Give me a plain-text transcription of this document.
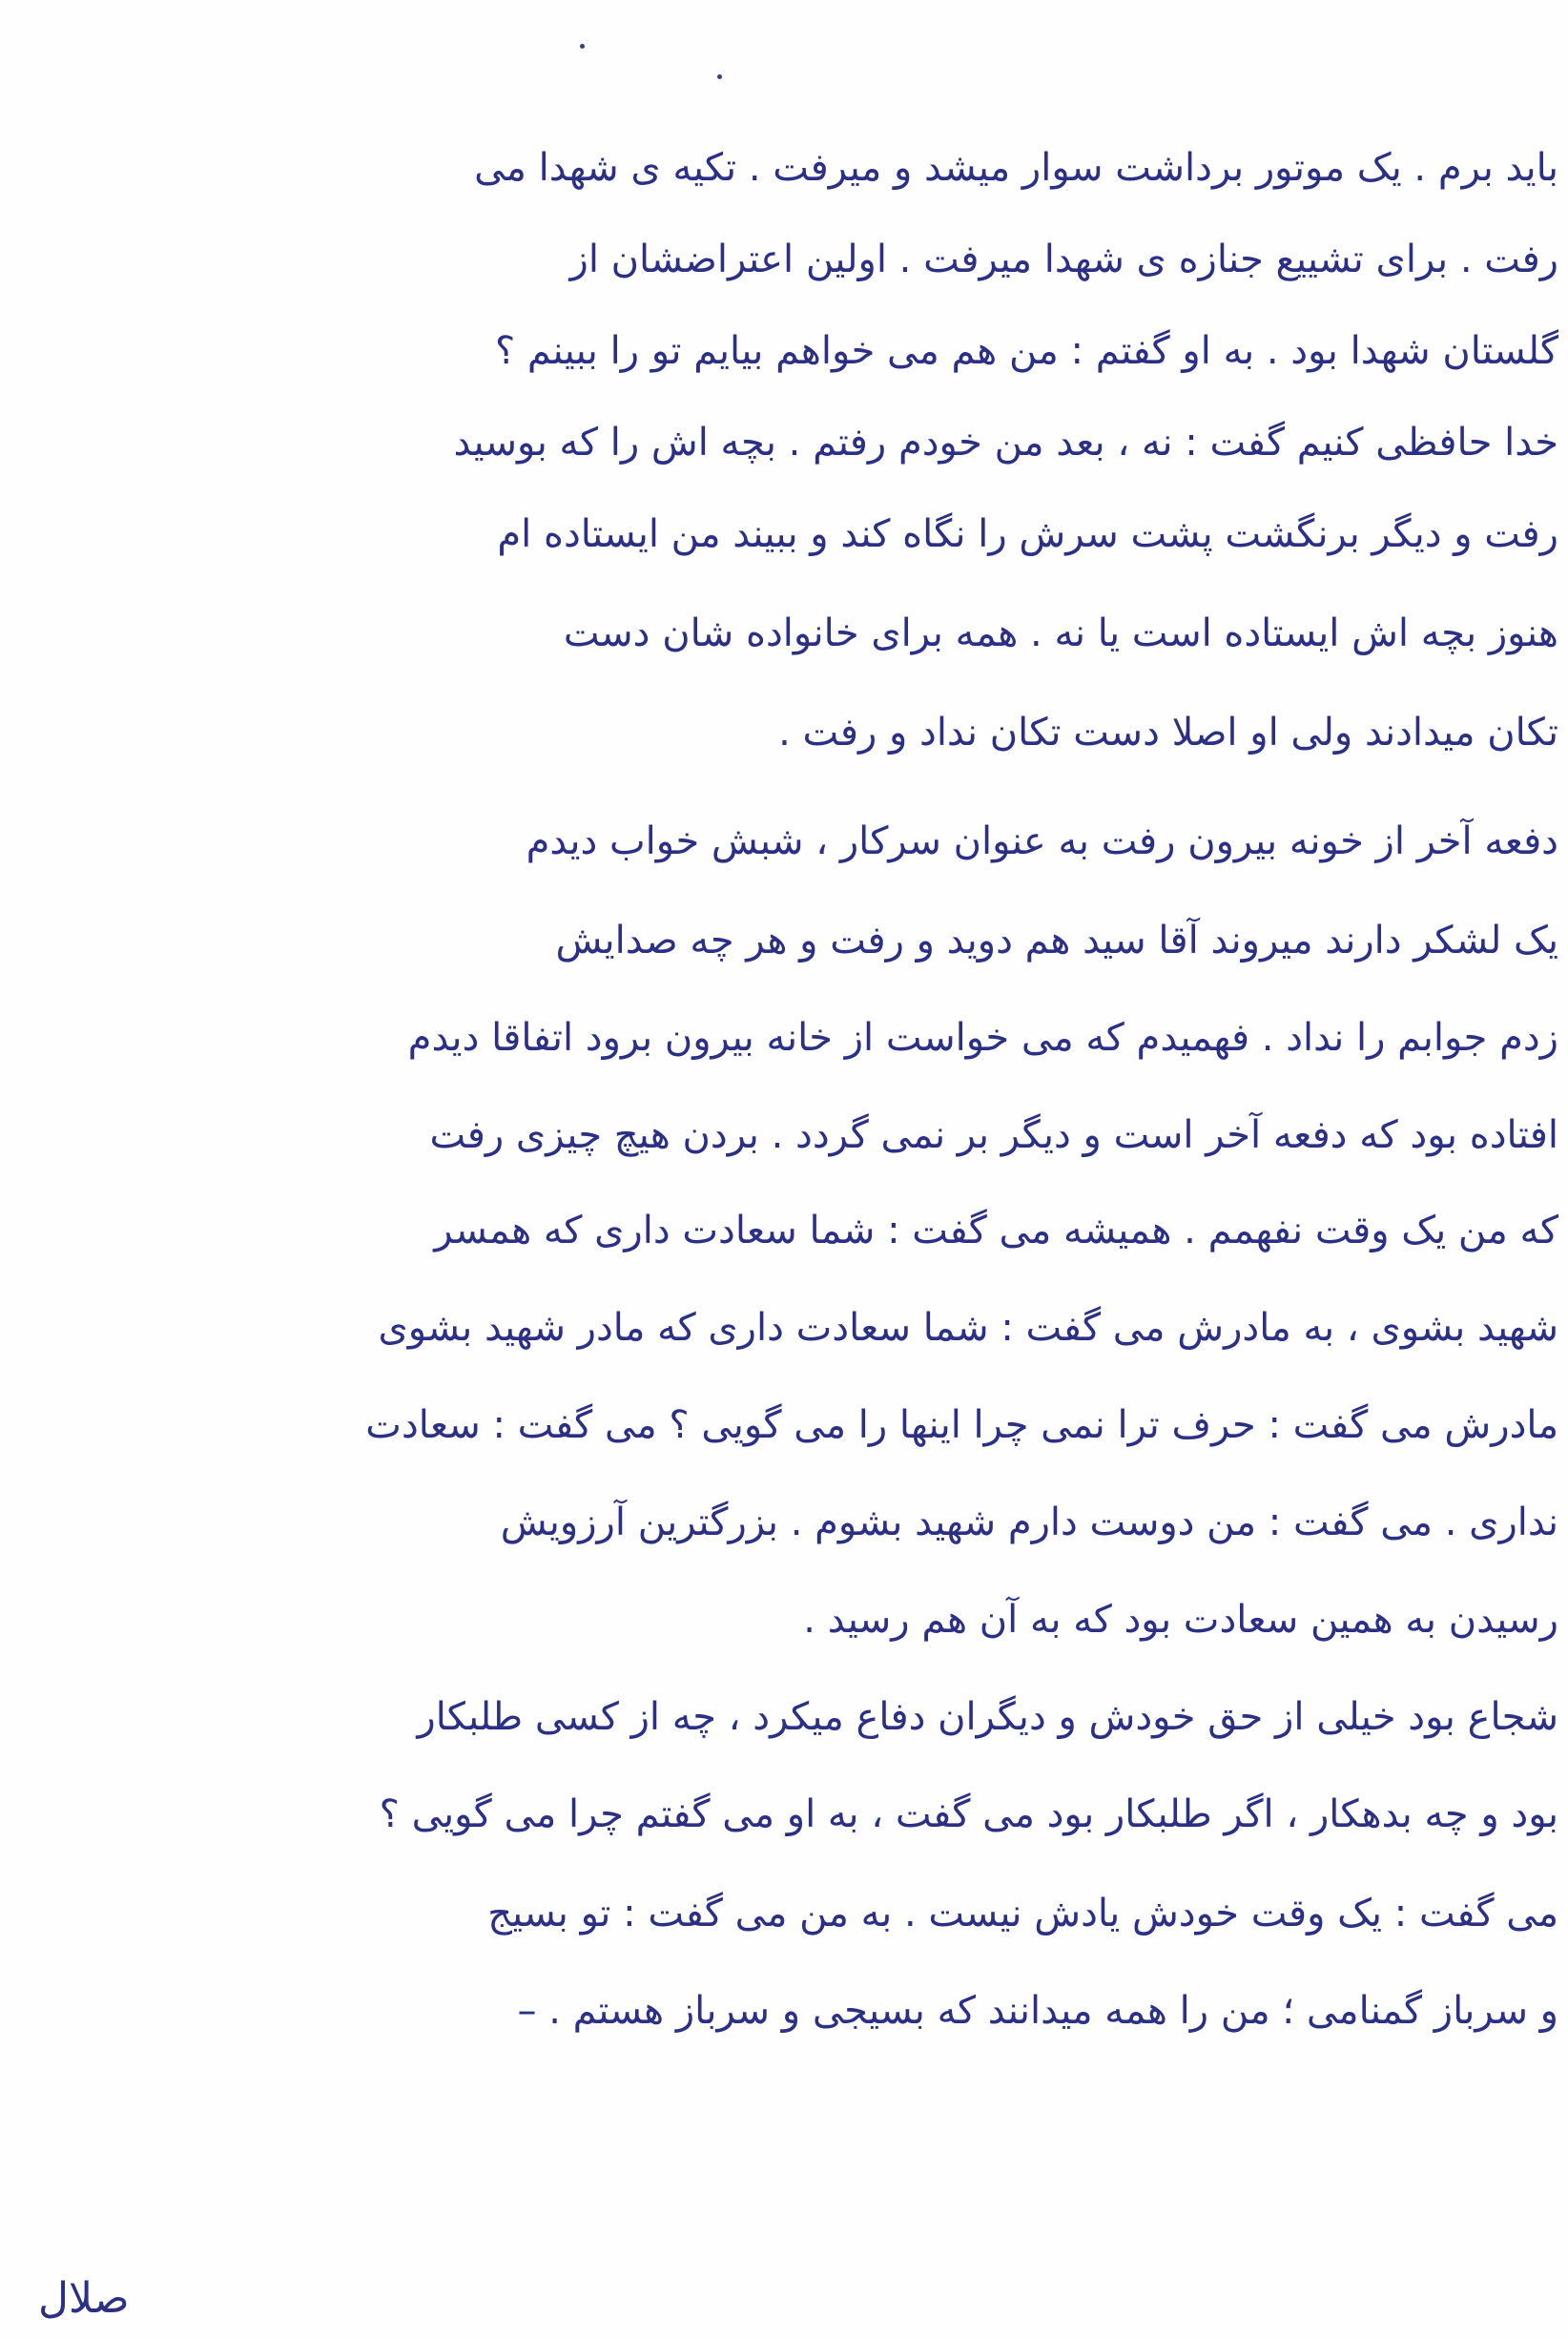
باید برم . یک موتور برداشت سوار میشد و میرفت . تکیه ی شهدا می
رفت . برای تشییع جنازه ی شهدا میرفت . اولین اعتراضشان از
گلستان شهدا بود . به او گفتم : من هم می خواهم بیایم تو را ببینم ؟
خدا حافظی کنیم گفت : نه ، بعد من خودم رفتم . بچه اش را که بوسید
رفت و دیگر برنگشت پشت سرش را نگاه کند و ببیند من ایستاده ام
هنوز بچه اش ایستاده است یا نه . همه برای خانواده شان دست
تکان میدادند ولی او اصلا دست تکان نداد و رفت .
دفعه آخر از خونه بیرون رفت به عنوان سرکار ، شبش خواب دیدم
یک لشکر دارند میروند آقا سید هم دوید و رفت و هر چه صدایش
زدم جوابم را نداد . فهمیدم که می خواست از خانه بیرون برود اتفاقا دیدم
افتاده بود که دفعه آخر است و دیگر بر نمی گردد . بردن هیچ چیزی رفت
که من یک وقت نفهمم . همیشه می گفت : شما سعادت داری که همسر
شهید بشوی ، به مادرش می گفت : شما سعادت داری که مادر شهید بشوی
مادرش می گفت : حرف ترا نمی چرا اینها را می گویی ؟ می گفت : سعادت
نداری . می گفت : من دوست دارم شهید بشوم . بزرگترین آرزویش
رسیدن به همین سعادت بود که به آن هم رسید .
شجاع بود خیلی از حق خودش و دیگران دفاع میکرد ، چه از کسی طلبکار
بود و چه بدهکار ، اگر طلبکار بود می گفت ، به او می گفتم چرا می گویی ؟
می گفت : یک وقت خودش یادش نیست . به من می گفت : تو بسیج
و سرباز گمنامی ؛ من را همه میدانند که بسیجی و سرباز هستم . –
صلال
